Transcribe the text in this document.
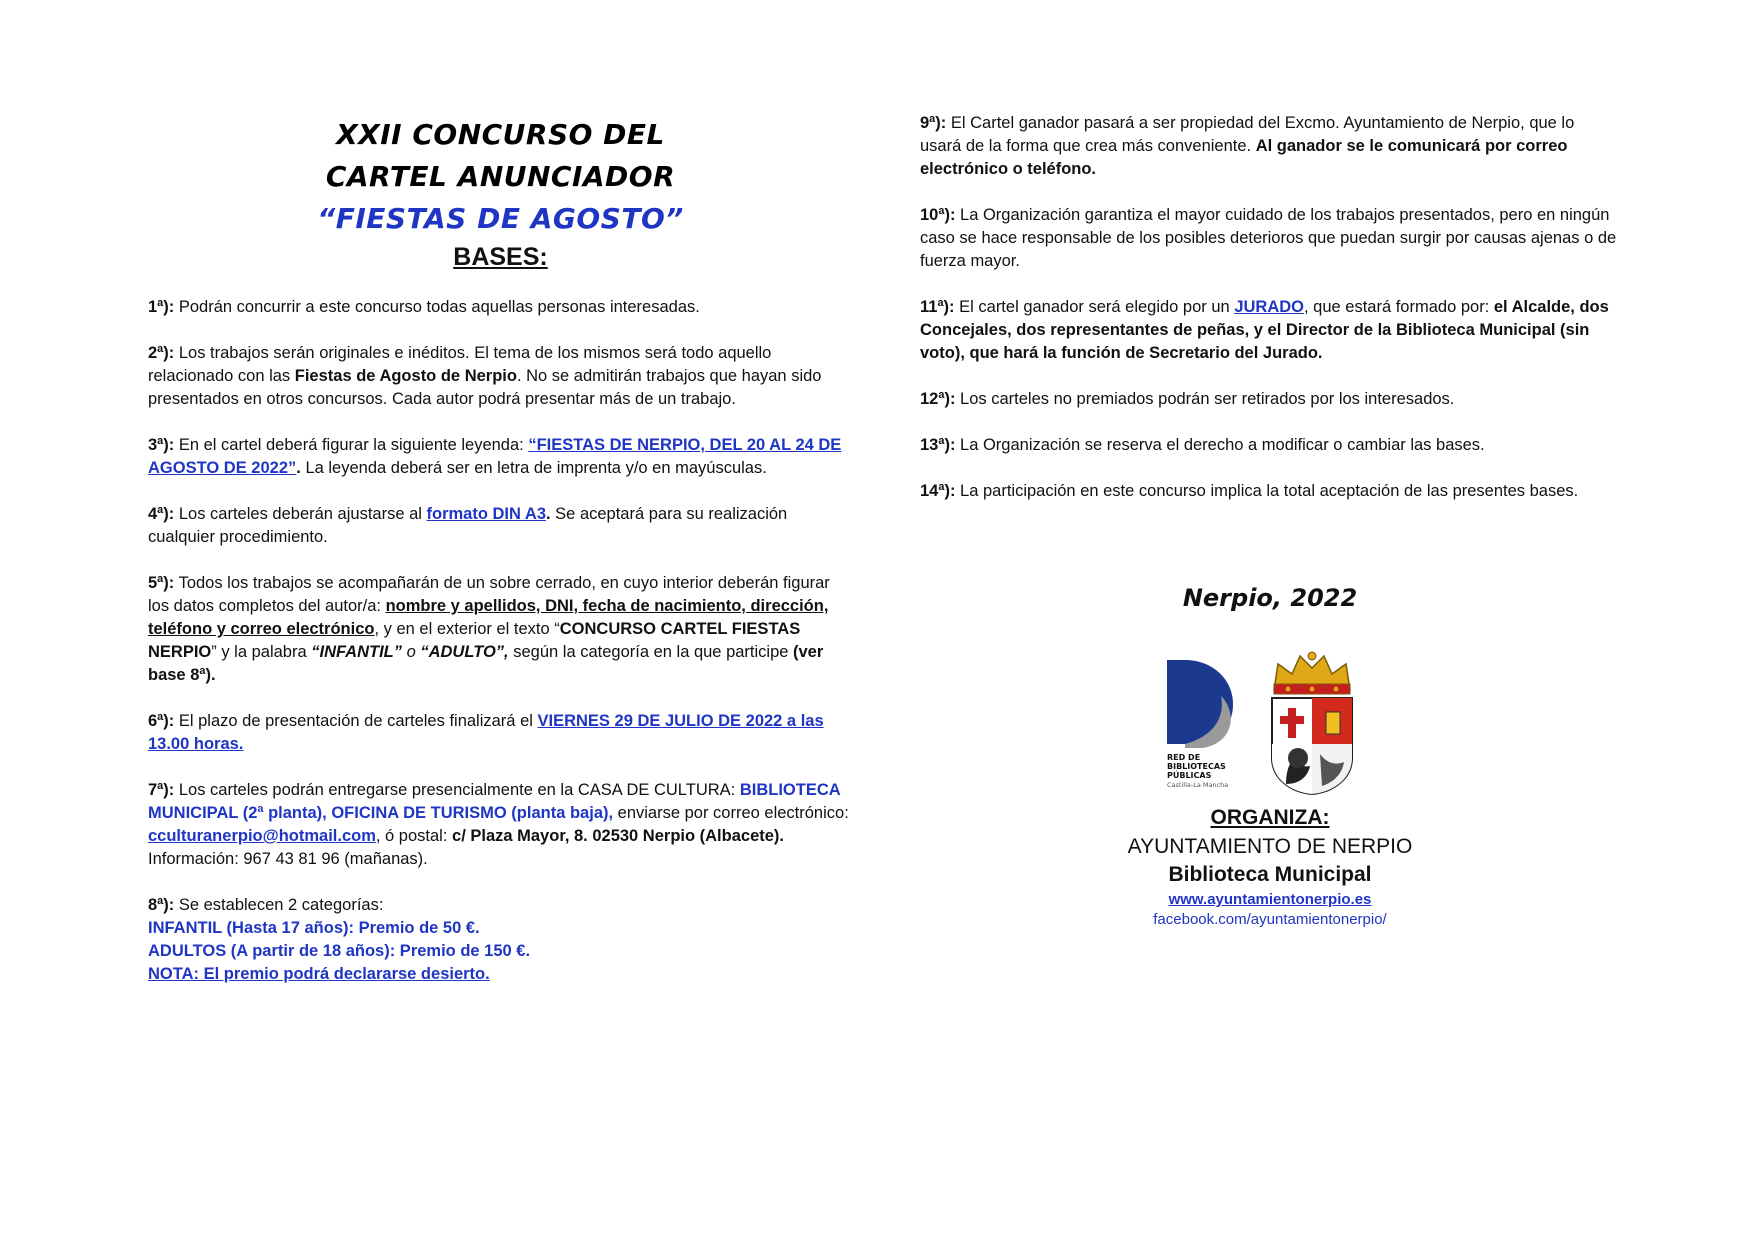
XXII CONCURSO DEL
CARTEL ANUNCIADOR
“FIESTAS DE AGOSTO”
BASES:

1ª): Podrán concurrir a este concurso todas aquellas personas interesadas.

2ª): Los trabajos serán originales e inéditos. El tema de los mismos será todo aquello relacionado con las Fiestas de Agosto de Nerpio. No se admitirán trabajos que hayan sido presentados en otros concursos. Cada autor podrá presentar más de un trabajo.

3ª): En el cartel deberá figurar la siguiente leyenda: “FIESTAS DE NERPIO, DEL 20 AL 24 DE AGOSTO DE 2022”. La leyenda deberá ser en letra de imprenta y/o en mayúsculas.

4ª): Los carteles deberán ajustarse al formato DIN A3. Se aceptará para su realización cualquier procedimiento.

5ª): Todos los trabajos se acompañarán de un sobre cerrado, en cuyo interior deberán figurar los datos completos del autor/a: nombre y apellidos, DNI, fecha de nacimiento, dirección, teléfono y correo electrónico, y en el exterior el texto “CONCURSO CARTEL FIESTAS NERPIO” y la palabra “INFANTIL” o “ADULTO”, según la categoría en la que participe (ver base 8ª).

6ª): El plazo de presentación de carteles finalizará el VIERNES 29 DE JULIO DE 2022 a las 13.00 horas.

7ª): Los carteles podrán entregarse presencialmente en la CASA DE CULTURA: BIBLIOTECA MUNICIPAL (2ª planta), OFICINA DE TURISMO (planta baja), enviarse por correo electrónico: cculturanerpio@hotmail.com, ó postal: c/ Plaza Mayor, 8. 02530 Nerpio (Albacete). Información: 967 43 81 96 (mañanas).

8ª): Se establecen 2 categorías:
INFANTIL (Hasta 17 años): Premio de 50 €.
ADULTOS (A partir de 18 años): Premio de 150 €.
NOTA: El premio podrá declararse desierto.

9ª): El Cartel ganador pasará a ser propiedad del Excmo. Ayuntamiento de Nerpio, que lo usará de la forma que crea más conveniente. Al ganador se le comunicará por correo electrónico o teléfono.

10ª): La Organización garantiza el mayor cuidado de los trabajos presentados, pero en ningún caso se hace responsable de los posibles deterioros que puedan surgir por causas ajenas o de fuerza mayor.

11ª): El cartel ganador será elegido por un JURADO, que estará formado por: el Alcalde, dos Concejales, dos representantes de peñas, y el Director de la Biblioteca Municipal (sin voto), que hará la función de Secretario del Jurado.

12ª): Los carteles no premiados podrán ser retirados por los interesados.

13ª): La Organización se reserva el derecho a modificar o cambiar las bases.

14ª): La participación en este concurso implica la total aceptación de las presentes bases.

Nerpio, 2022
RED DE
BIBLIOTECAS
PÚBLICAS
Castilla-La Mancha
ORGANIZA:
AYUNTAMIENTO DE NERPIO
Biblioteca Municipal
www.ayuntamientonerpio.es
facebook.com/ayuntamientonerpio/
